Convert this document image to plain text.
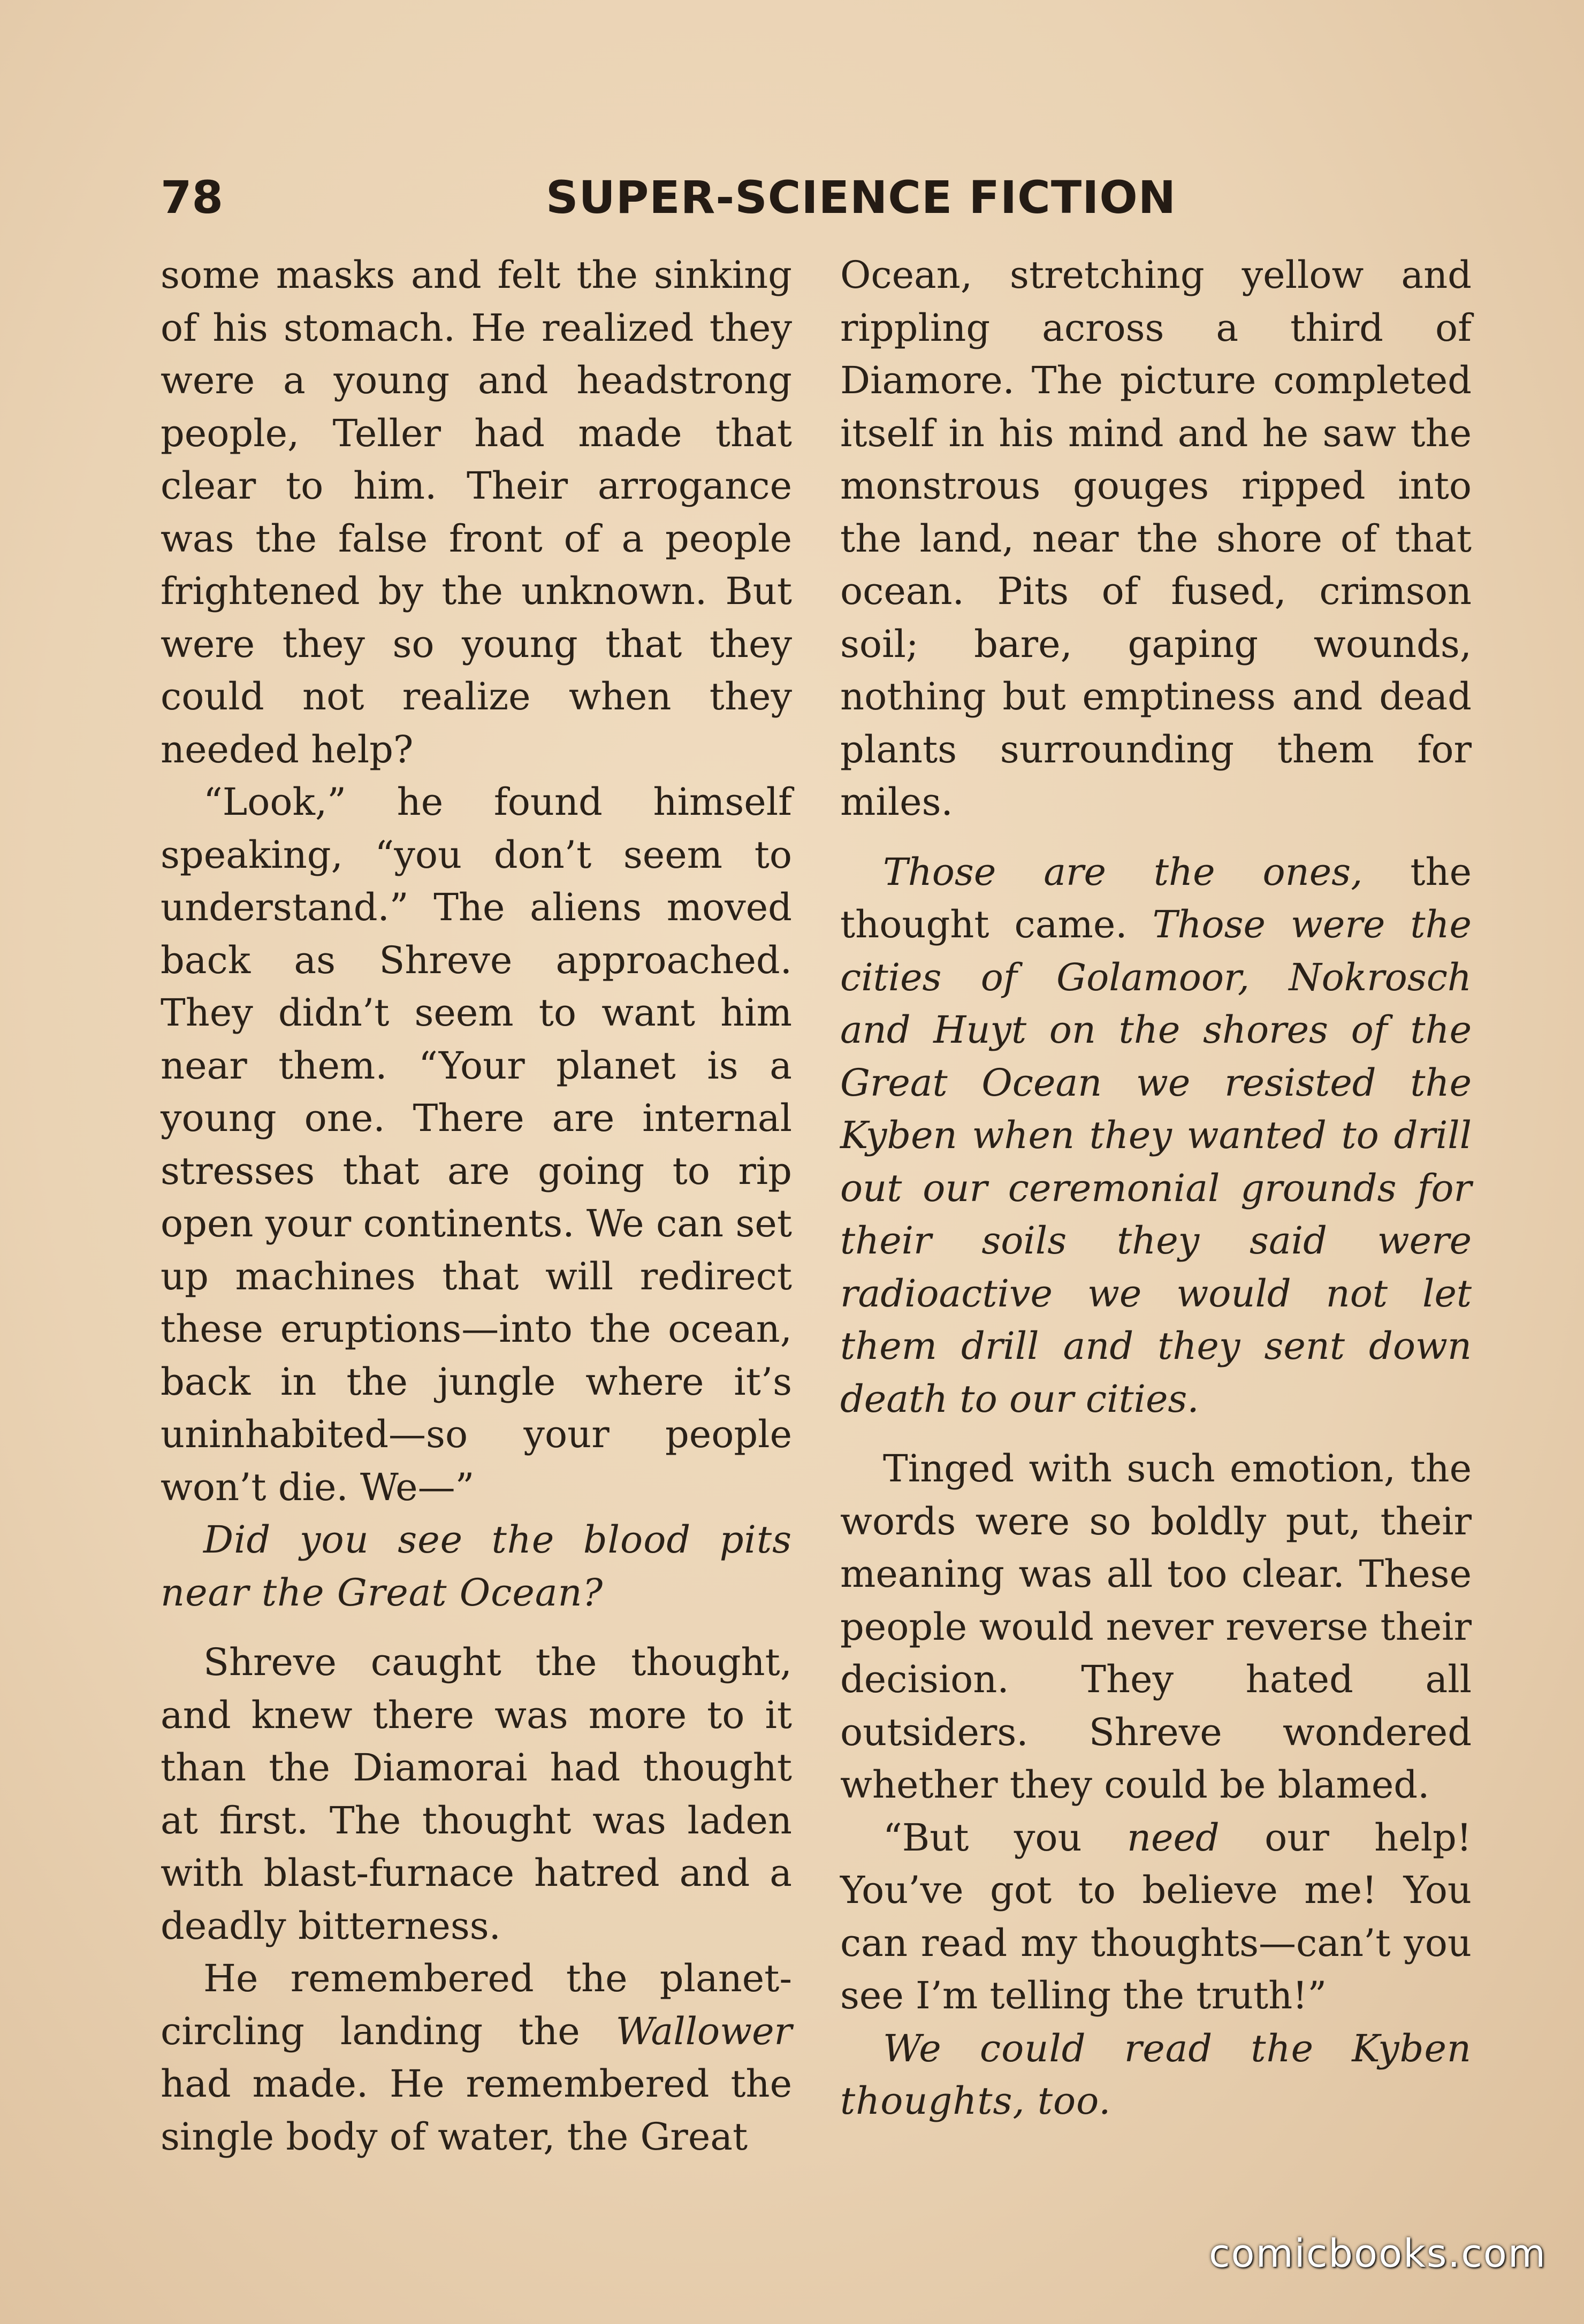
78	SUPER-SCIENCE FICTION

some masks and felt the sinking of his stomach. He realized they were a young and headstrong people, Teller had made that clear to him. Their arrogance was the false front of a people frightened by the unknown. But were they so young that they could not realize when they needed help?

“Look,” he found himself speaking, “you don’t seem to understand.” The aliens moved back as Shreve approached. They didn’t seem to want him near them. “Your planet is a young one. There are internal stresses that are going to rip open your continents. We can set up machines that will redirect these eruptions—into the ocean, back in the jungle where it’s uninhabited—so your people won’t die. We—”

Did you see the blood pits near the Great Ocean?

Shreve caught the thought, and knew there was more to it than the Diamorai had thought at first. The thought was laden with blast-furnace hatred and a deadly bitterness.

He remembered the planet-circling landing the Wallower had made. He remembered the single body of water, the Great

Ocean, stretching yellow and rippling across a third of Diamore. The picture completed itself in his mind and he saw the monstrous gouges ripped into the land, near the shore of that ocean. Pits of fused, crimson soil; bare, gaping wounds, nothing but emptiness and dead plants surrounding them for miles.

Those are the ones, the thought came. Those were the cities of Golamoor, Nokrosch and Huyt on the shores of the Great Ocean we resisted the Kyben when they wanted to drill out our ceremonial grounds for their soils they said were radioactive we would not let them drill and they sent down death to our cities.

Tinged with such emotion, the words were so boldly put, their meaning was all too clear. These people would never reverse their decision. They hated all outsiders. Shreve wondered whether they could be blamed.

“But you need our help! You’ve got to believe me! You can read my thoughts—can’t you see I’m telling the truth!”

We could read the Kyben thoughts, too.

comicbooks.com
